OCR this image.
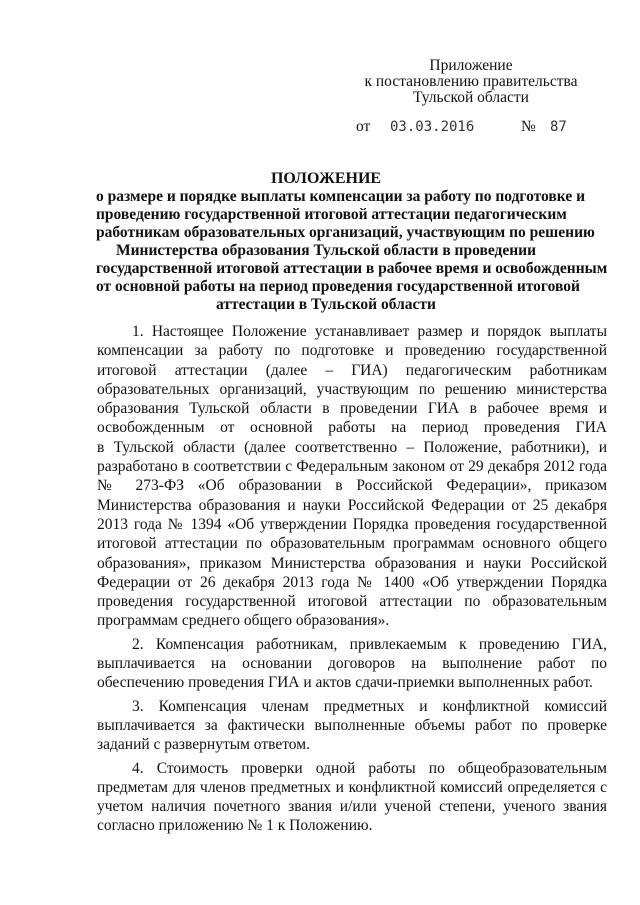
Приложение
к постановлению правительства
Тульской области
от 03.03.2016	№ 87
ПОЛОЖЕНИЕ
о размере и порядке выплаты компенсации за работу по подготовке и
проведению государственной итоговой аттестации педагогическим
работникам образовательных организаций, участвующим по решению
Министерства образования Тульской области в проведении
государственной итоговой аттестации в рабочее время и освобожденным
от основной работы на период проведения государственной итоговой
аттестации в Тульской области
1. Настоящее Положение устанавливает размер и порядок выплаты
компенсации за работу по подготовке и проведению государственной
итоговой аттестации (далее – ГИА) педагогическим работникам
образовательных организаций, участвующим по решению министерства
образования Тульской области в проведении ГИА в рабочее время и
освобожденным от основной работы на период проведения ГИА
в Тульской области (далее соответственно – Положение, работники), и
разработано в соответствии с Федеральным законом от 29 декабря 2012 года
№ 273-ФЗ «Об образовании в Российской Федерации», приказом
Министерства образования и науки Российской Федерации от 25 декабря
2013 года № 1394 «Об утверждении Порядка проведения государственной
итоговой аттестации по образовательным программам основного общего
образования», приказом Министерства образования и науки Российской
Федерации от 26 декабря 2013 года № 1400 «Об утверждении Порядка
проведения государственной итоговой аттестации по образовательным
программам среднего общего образования».
2. Компенсация работникам, привлекаемым к проведению ГИА,
выплачивается на основании договоров на выполнение работ по
обеспечению проведения ГИА и актов сдачи-приемки выполненных работ.
3. Компенсация членам предметных и конфликтной комиссий
выплачивается за фактически выполненные объемы работ по проверке
заданий с развернутым ответом.
4. Стоимость проверки одной работы по общеобразовательным
предметам для членов предметных и конфликтной комиссий определяется с
учетом наличия почетного звания и/или ученой степени, ученого звания
согласно приложению № 1 к Положению.
